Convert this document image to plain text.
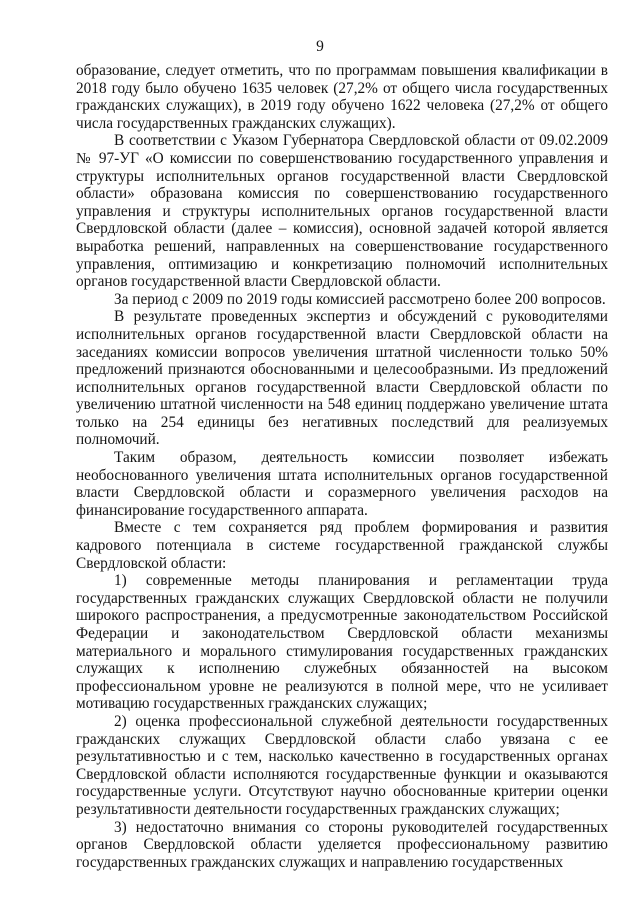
9

образование, следует отметить, что по программам повышения квалификации в 2018 году было обучено 1635 человек (27,2% от общего числа государственных гражданских служащих), в 2019 году обучено 1622 человека (27,2% от общего числа государственных гражданских служащих).

В соответствии с Указом Губернатора Свердловской области от 09.02.2009 № 97-УГ «О комиссии по совершенствованию государственного управления и структуры исполнительных органов государственной власти Свердловской области» образована комиссия по совершенствованию государственного управления и структуры исполнительных органов государственной власти Свердловской области (далее – комиссия), основной задачей которой является выработка решений, направленных на совершенствование государственного управления, оптимизацию и конкретизацию полномочий исполнительных органов государственной власти Свердловской области.

За период с 2009 по 2019 годы комиссией рассмотрено более 200 вопросов.

В результате проведенных экспертиз и обсуждений с руководителями исполнительных органов государственной власти Свердловской области на заседаниях комиссии вопросов увеличения штатной численности только 50% предложений признаются обоснованными и целесообразными. Из предложений исполнительных органов государственной власти Свердловской области по увеличению штатной численности на 548 единиц поддержано увеличение штата только на 254 единицы без негативных последствий для реализуемых полномочий.

Таким образом, деятельность комиссии позволяет избежать необоснованного увеличения штата исполнительных органов государственной власти Свердловской области и соразмерного увеличения расходов на финансирование государственного аппарата.

Вместе с тем сохраняется ряд проблем формирования и развития кадрового потенциала в системе государственной гражданской службы Свердловской области:

1) современные методы планирования и регламентации труда государственных гражданских служащих Свердловской области не получили широкого распространения, а предусмотренные законодательством Российской Федерации и законодательством Свердловской области механизмы материального и морального стимулирования государственных гражданских служащих к исполнению служебных обязанностей на высоком профессиональном уровне не реализуются в полной мере, что не усиливает мотивацию государственных гражданских служащих;

2) оценка профессиональной служебной деятельности государственных гражданских служащих Свердловской области слабо увязана с ее результативностью и с тем, насколько качественно в государственных органах Свердловской области исполняются государственные функции и оказываются государственные услуги. Отсутствуют научно обоснованные критерии оценки результативности деятельности государственных гражданских служащих;

3) недостаточно внимания со стороны руководителей государственных органов Свердловской области уделяется профессиональному развитию государственных гражданских служащих и направлению государственных
